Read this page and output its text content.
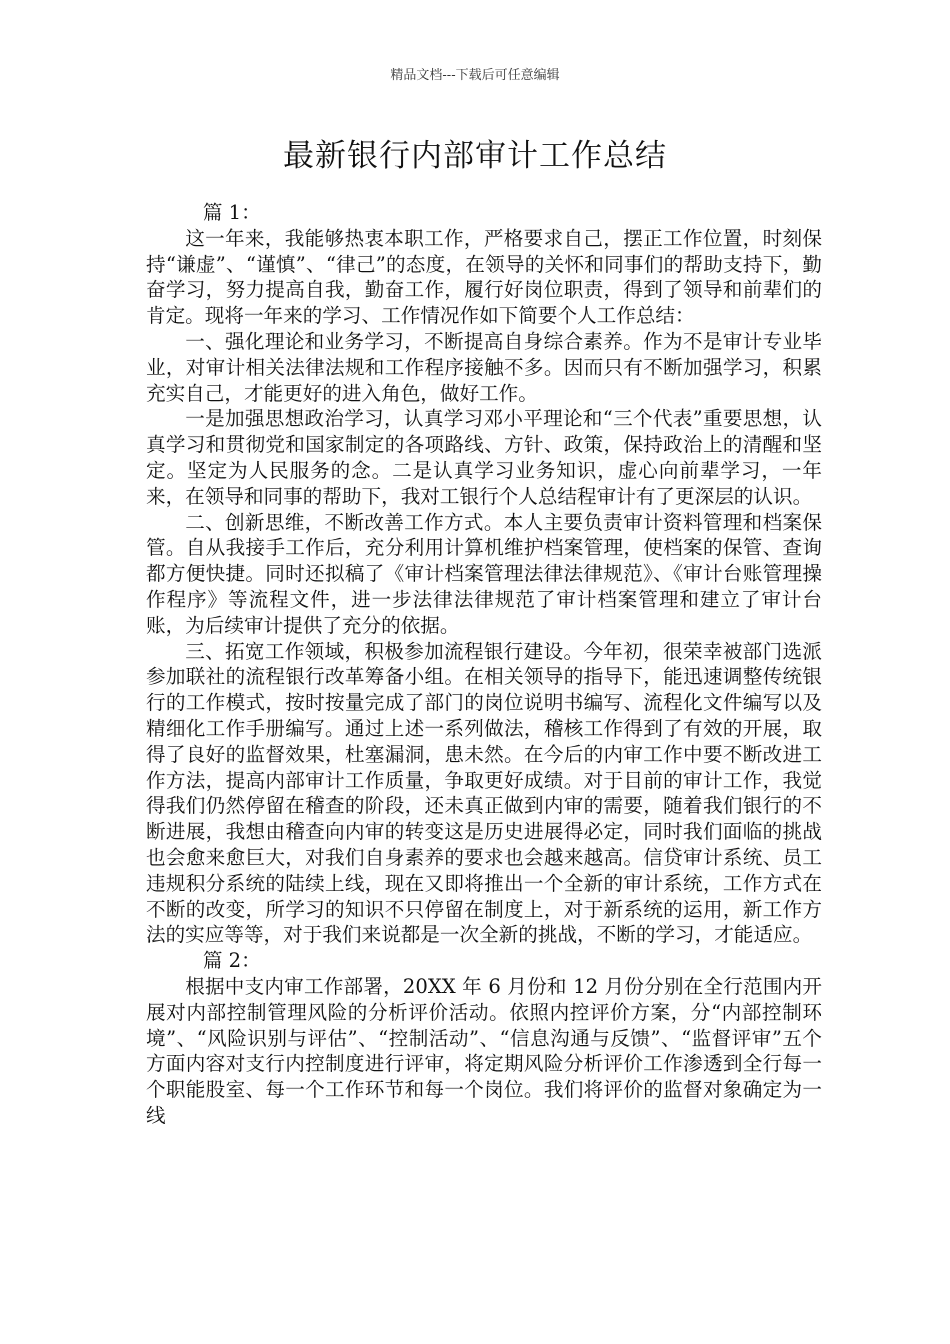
精品文档---下载后可任意编辑
最新银行内部审计工作总结

篇 1：

这一年来，我能够热衷本职工作，严格要求自己，摆正工作位置，时刻保持“谦虚”、“谨慎”、“律己”的态度，在领导的关怀和同事们的帮助支持下，勤奋学习，努力提高自我，勤奋工作，履行好岗位职责，得到了领导和前辈们的肯定。现将一年来的学习、工作情况作如下简要个人工作总结：

一、强化理论和业务学习，不断提高自身综合素养。作为不是审计专业毕业，对审计相关法律法规和工作程序接触不多。因而只有不断加强学习，积累充实自己，才能更好的进入角色，做好工作。

一是加强思想政治学习，认真学习邓小平理论和“三个代表”重要思想，认真学习和贯彻党和国家制定的各项路线、方针、政策，保持政治上的清醒和坚定。坚定为人民服务的念。二是认真学习业务知识，虚心向前辈学习，一年来，在领导和同事的帮助下，我对工银行个人总结程审计有了更深层的认识。

二、创新思维，不断改善工作方式。本人主要负责审计资料管理和档案保管。自从我接手工作后，充分利用计算机维护档案管理，使档案的保管、查询都方便快捷。同时还拟稿了《审计档案管理法律法律规范》、《审计台账管理操作程序》等流程文件，进一步法律法律规范了审计档案管理和建立了审计台账，为后续审计提供了充分的依据。

三、拓宽工作领域，积极参加流程银行建设。今年初，很荣幸被部门选派参加联社的流程银行改革筹备小组。在相关领导的指导下，能迅速调整传统银行的工作模式，按时按量完成了部门的岗位说明书编写、流程化文件编写以及精细化工作手册编写。通过上述一系列做法，稽核工作得到了有效的开展，取得了良好的监督效果，杜塞漏洞，患未然。在今后的内审工作中要不断改进工作方法，提高内部审计工作质量，争取更好成绩。对于目前的审计工作，我觉得我们仍然停留在稽查的阶段，还未真正做到内审的需要，随着我们银行的不断进展，我想由稽查向内审的转变这是历史进展得必定，同时我们面临的挑战也会愈来愈巨大，对我们自身素养的要求也会越来越高。信贷审计系统、员工违规积分系统的陆续上线，现在又即将推出一个全新的审计系统，工作方式在不断的改变，所学习的知识不只停留在制度上，对于新系统的运用，新工作方法的实应等等，对于我们来说都是一次全新的挑战，不断的学习，才能适应。

篇 2：

根据中支内审工作部署，20XX 年 6 月份和 12 月份分别在全行范围内开展对内部控制管理风险的分析评价活动。依照内控评价方案，分“内部控制环境”、“风险识别与评估”、“控制活动”、“信息沟通与反馈”、“监督评审”五个方面内容对支行内控制度进行评审，将定期风险分析评价工作渗透到全行每一个职能股室、每一个工作环节和每一个岗位。我们将评价的监督对象确定为一线
